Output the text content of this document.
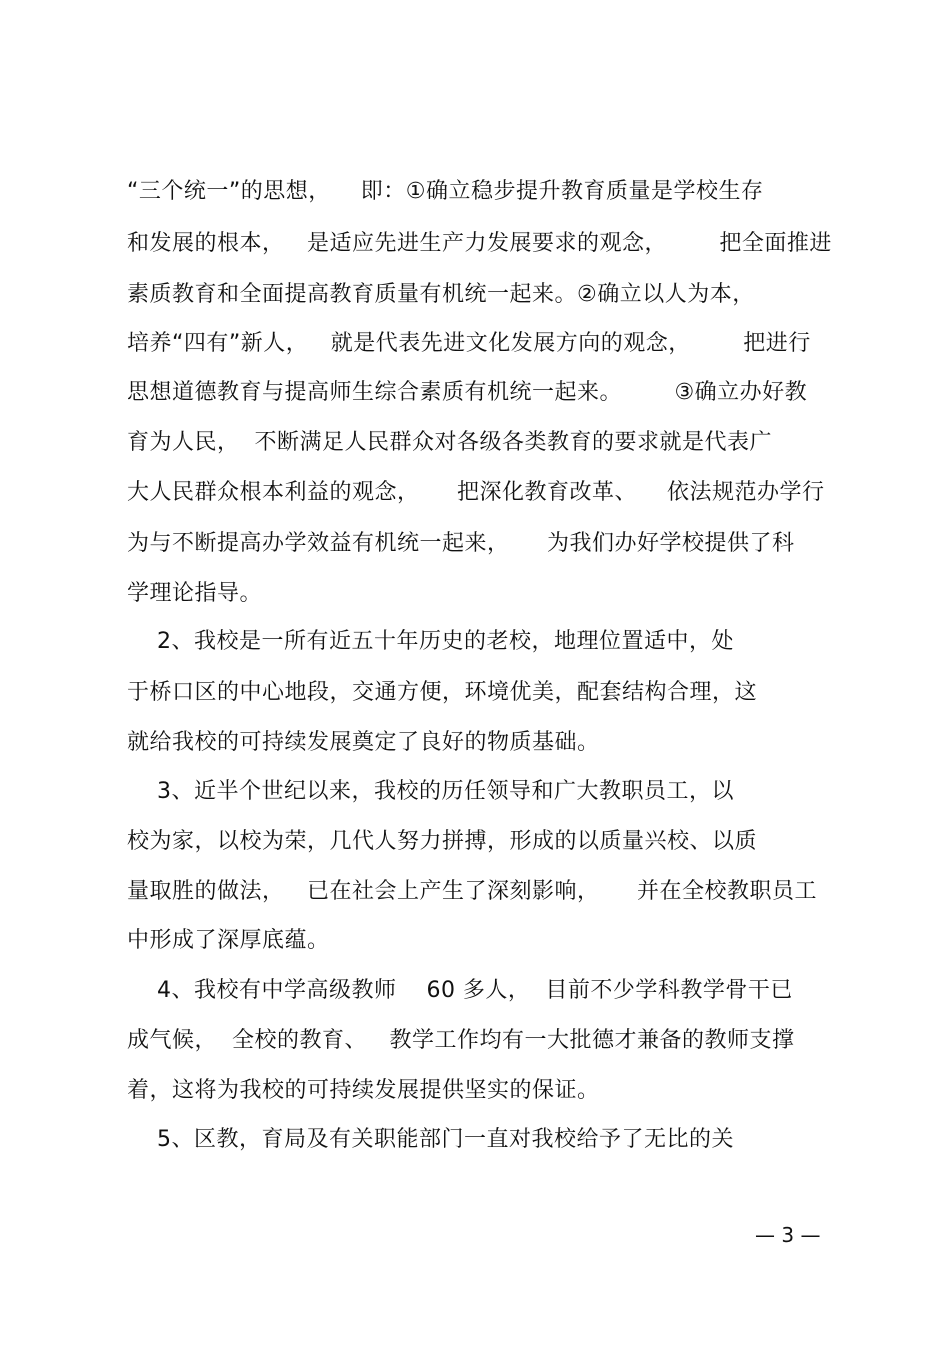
“三个统一”的思想，    即：①确立稳步提升教育质量是学校生存
和发展的根本，   是适应先进生产力发展要求的观念，       把全面推进
素质教育和全面提高教育质量有机统一起来。②确立以人为本，
培养“四有”新人，   就是代表先进文化发展方向的观念，       把进行
思想道德教育与提高师生综合素质有机统一起来。       ③确立办好教
育为人民，  不断满足人民群众对各级各类教育的要求就是代表广
大人民群众根本利益的观念，     把深化教育改革、    依法规范办学行
为与不断提高办学效益有机统一起来，     为我们办好学校提供了科
学理论指导。
2、我校是一所有近五十年历史的老校，地理位置适中，处
于桥口区的中心地段，交通方便，环境优美，配套结构合理，这
就给我校的可持续发展奠定了良好的物质基础。
3、近半个世纪以来，我校的历任领导和广大教职员工，以
校为家，以校为荣，几代人努力拼搏，形成的以质量兴校、以质
量取胜的做法，   已在社会上产生了深刻影响，     并在全校教职员工
中形成了深厚底蕴。
4、我校有中学高级教师    60 多人，  目前不少学科教学骨干已
成气候，  全校的教育、   教学工作均有一大批德才兼备的教师支撑
着，这将为我校的可持续发展提供坚实的保证。
5、区教，育局及有关职能部门一直对我校给予了无比的关
— 3 —
